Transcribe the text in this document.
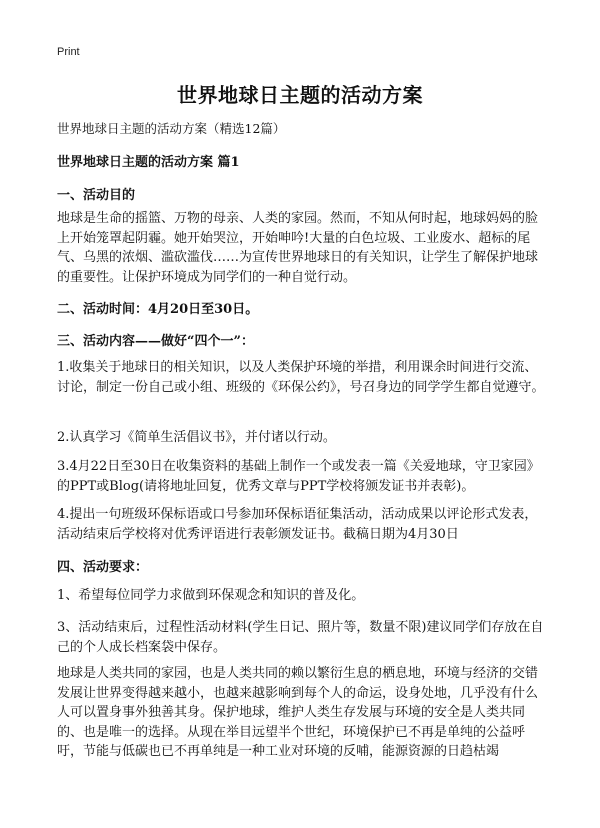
Print
世界地球日主题的活动方案
世界地球日主题的活动方案（精选12篇）
世界地球日主题的活动方案 篇1
一、活动目的
地球是生命的摇篮、万物的母亲、人类的家园。然而，不知从何时起，地球妈妈的脸上开始笼罩起阴霾。她开始哭泣，开始呻吟!大量的白色垃圾、工业废水、超标的尾气、乌黑的浓烟、滥砍滥伐……为宣传世界地球日的有关知识，让学生了解保护地球的重要性。让保护环境成为同学们的一种自觉行动。
二、活动时间：4月20日至30日。
三、活动内容——做好“四个一”：
1.收集关于地球日的相关知识，以及人类保护环境的举措，利用课余时间进行交流、讨论，制定一份自己或小组、班级的《环保公约》，号召身边的同学学生都自觉遵守。
2.认真学习《简单生活倡议书》，并付诸以行动。
3.4月22日至30日在收集资料的基础上制作一个或发表一篇《关爱地球，守卫家园》的PPT或Blog(请将地址回复，优秀文章与PPT学校将颁发证书并表彰)。
4.提出一句班级环保标语或口号参加环保标语征集活动，活动成果以评论形式发表，活动结束后学校将对优秀评语进行表彰颁发证书。截稿日期为4月30日
四、活动要求：
1、希望每位同学力求做到环保观念和知识的普及化。
3、活动结束后，过程性活动材料(学生日记、照片等，数量不限)建议同学们存放在自己的个人成长档案袋中保存。
地球是人类共同的家园，也是人类共同的赖以繁衍生息的栖息地，环境与经济的交错发展让世界变得越来越小，也越来越影响到每个人的命运，设身处地，几乎没有什么人可以置身事外独善其身。保护地球，维护人类生存发展与环境的安全是人类共同的、也是唯一的选择。从现在举目远望半个世纪，环境保护已不再是单纯的公益呼吁，节能与低碳也已不再单纯是一种工业对环境的反哺，能源资源的日趋枯竭
